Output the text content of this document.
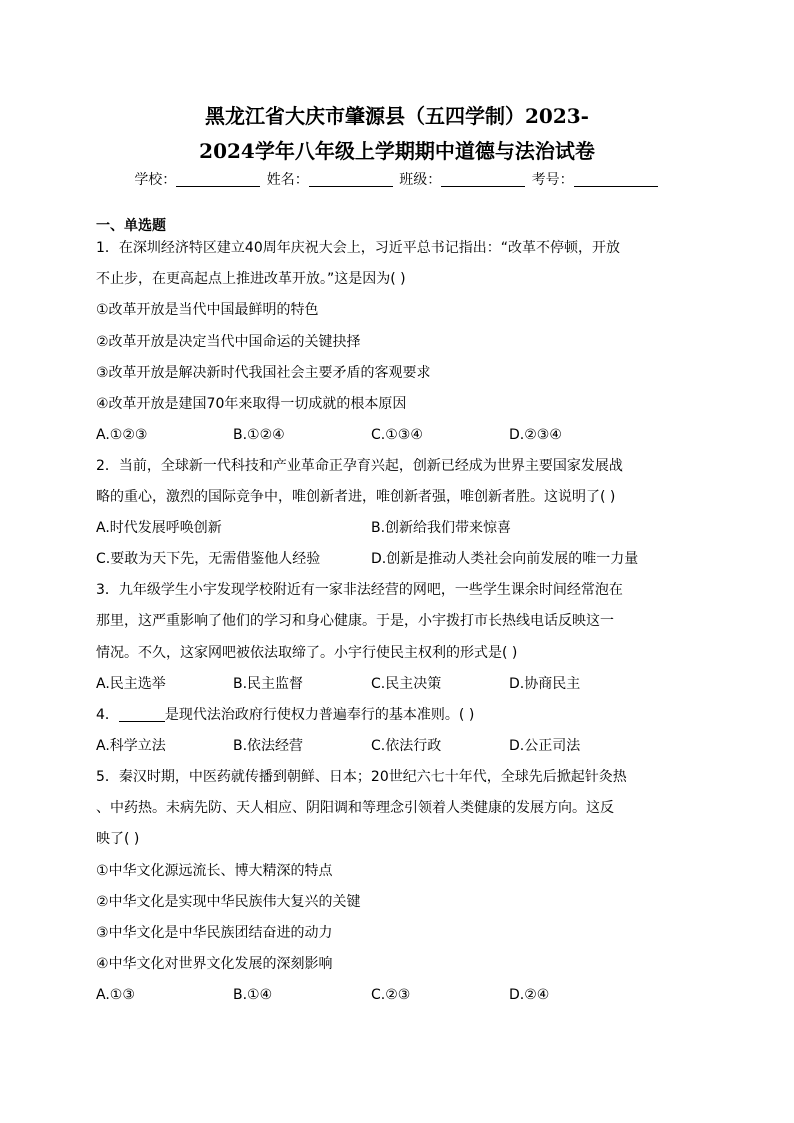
黑龙江省大庆市肇源县（五四学制）2023-
2024学年八年级上学期期中道德与法治试卷
学校：	姓名：	班级：	考号：
一、单选题
1．在深圳经济特区建立40周年庆祝大会上，习近平总书记指出：“改革不停顿，开放
不止步，在更高起点上推进改革开放。”这是因为( )
①改革开放是当代中国最鲜明的特色
②改革开放是决定当代中国命运的关键抉择
③改革开放是解决新时代我国社会主要矛盾的客观要求
④改革开放是建国70年来取得一切成就的根本原因
A.①②③	B.①②④	C.①③④	D.②③④
2．当前，全球新一代科技和产业革命正孕育兴起，创新已经成为世界主要国家发展战
略的重心，激烈的国际竞争中，唯创新者进，唯创新者强，唯创新者胜。这说明了( )
A.时代发展呼唤创新	B.创新给我们带来惊喜
C.要敢为天下先，无需借鉴他人经验	D.创新是推动人类社会向前发展的唯一力量
3．九年级学生小宇发现学校附近有一家非法经营的网吧，一些学生课余时间经常泡在
那里，这严重影响了他们的学习和身心健康。于是，小宇拨打市长热线电话反映这一
情况。不久，这家网吧被依法取缔了。小宇行使民主权利的形式是( )
A.民主选举	B.民主监督	C.民主决策	D.协商民主
4．	是现代法治政府行使权力普遍奉行的基本准则。( )
A.科学立法	B.依法经营	C.依法行政	D.公正司法
5．秦汉时期，中医药就传播到朝鲜、日本；20世纪六七十年代，全球先后掀起针灸热
、中药热。未病先防、天人相应、阴阳调和等理念引领着人类健康的发展方向。这反
映了( )
①中华文化源远流长、博大精深的特点
②中华文化是实现中华民族伟大复兴的关键
③中华文化是中华民族团结奋进的动力
④中华文化对世界文化发展的深刻影响
A.①③	B.①④	C.②③	D.②④
